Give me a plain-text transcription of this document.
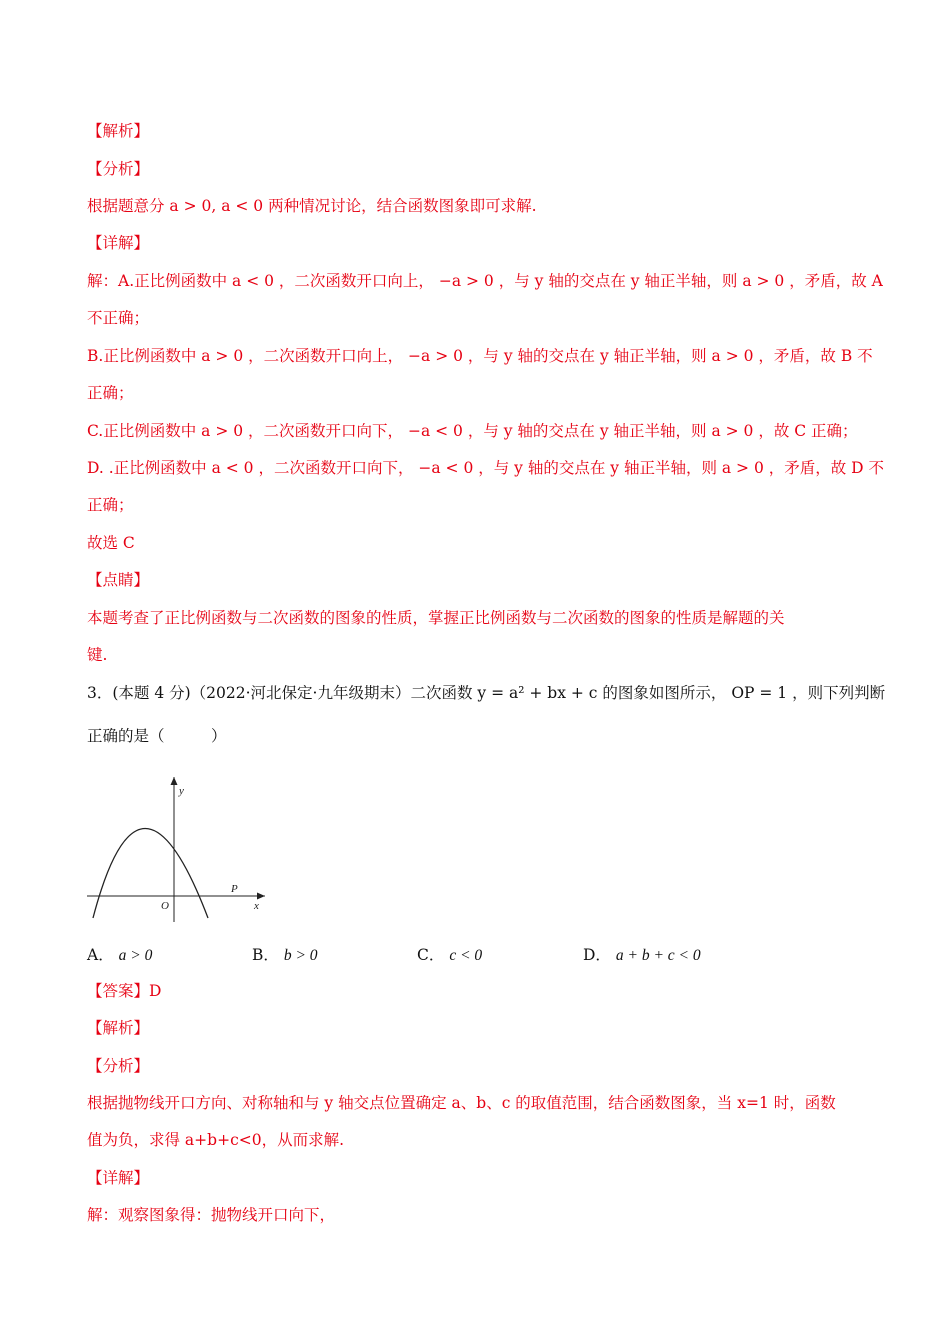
【解析】
【分析】
根据题意分 a > 0, a < 0 两种情况讨论，结合函数图象即可求解.
【详解】
解：A.正比例函数中 a < 0 ，二次函数开口向上， −a > 0 ，与 y 轴的交点在 y 轴正半轴，则 a > 0 ，矛盾，故 A
不正确；
B.正比例函数中 a > 0 ，二次函数开口向上， −a > 0 ，与 y 轴的交点在 y 轴正半轴，则 a > 0 ，矛盾，故 B 不
正确；
C.正比例函数中 a > 0 ，二次函数开口向下， −a < 0 ，与 y 轴的交点在 y 轴正半轴，则 a > 0 ，故 C 正确；
D. .正比例函数中 a < 0 ，二次函数开口向下， −a < 0 ，与 y 轴的交点在 y 轴正半轴，则 a > 0 ，矛盾，故 D 不
正确；
故选 C
【点睛】
本题考查了正比例函数与二次函数的图象的性质，掌握正比例函数与二次函数的图象的性质是解题的关
键.
3．(本题 4 分)（2022·河北保定·九年级期末）二次函数 y = a² + bx + c 的图象如图所示， OP = 1 ，则下列判断
正确的是（　　　）
y
x
O
P
A． a > 0	B． b > 0	C． c < 0	D． a + b + c < 0
【答案】D
【解析】
【分析】
根据抛物线开口方向、对称轴和与 y 轴交点位置确定 a、b、c 的取值范围，结合函数图象，当 x=1 时，函数
值为负，求得 a+b+c<0，从而求解.
【详解】
解：观察图象得：抛物线开口向下，
